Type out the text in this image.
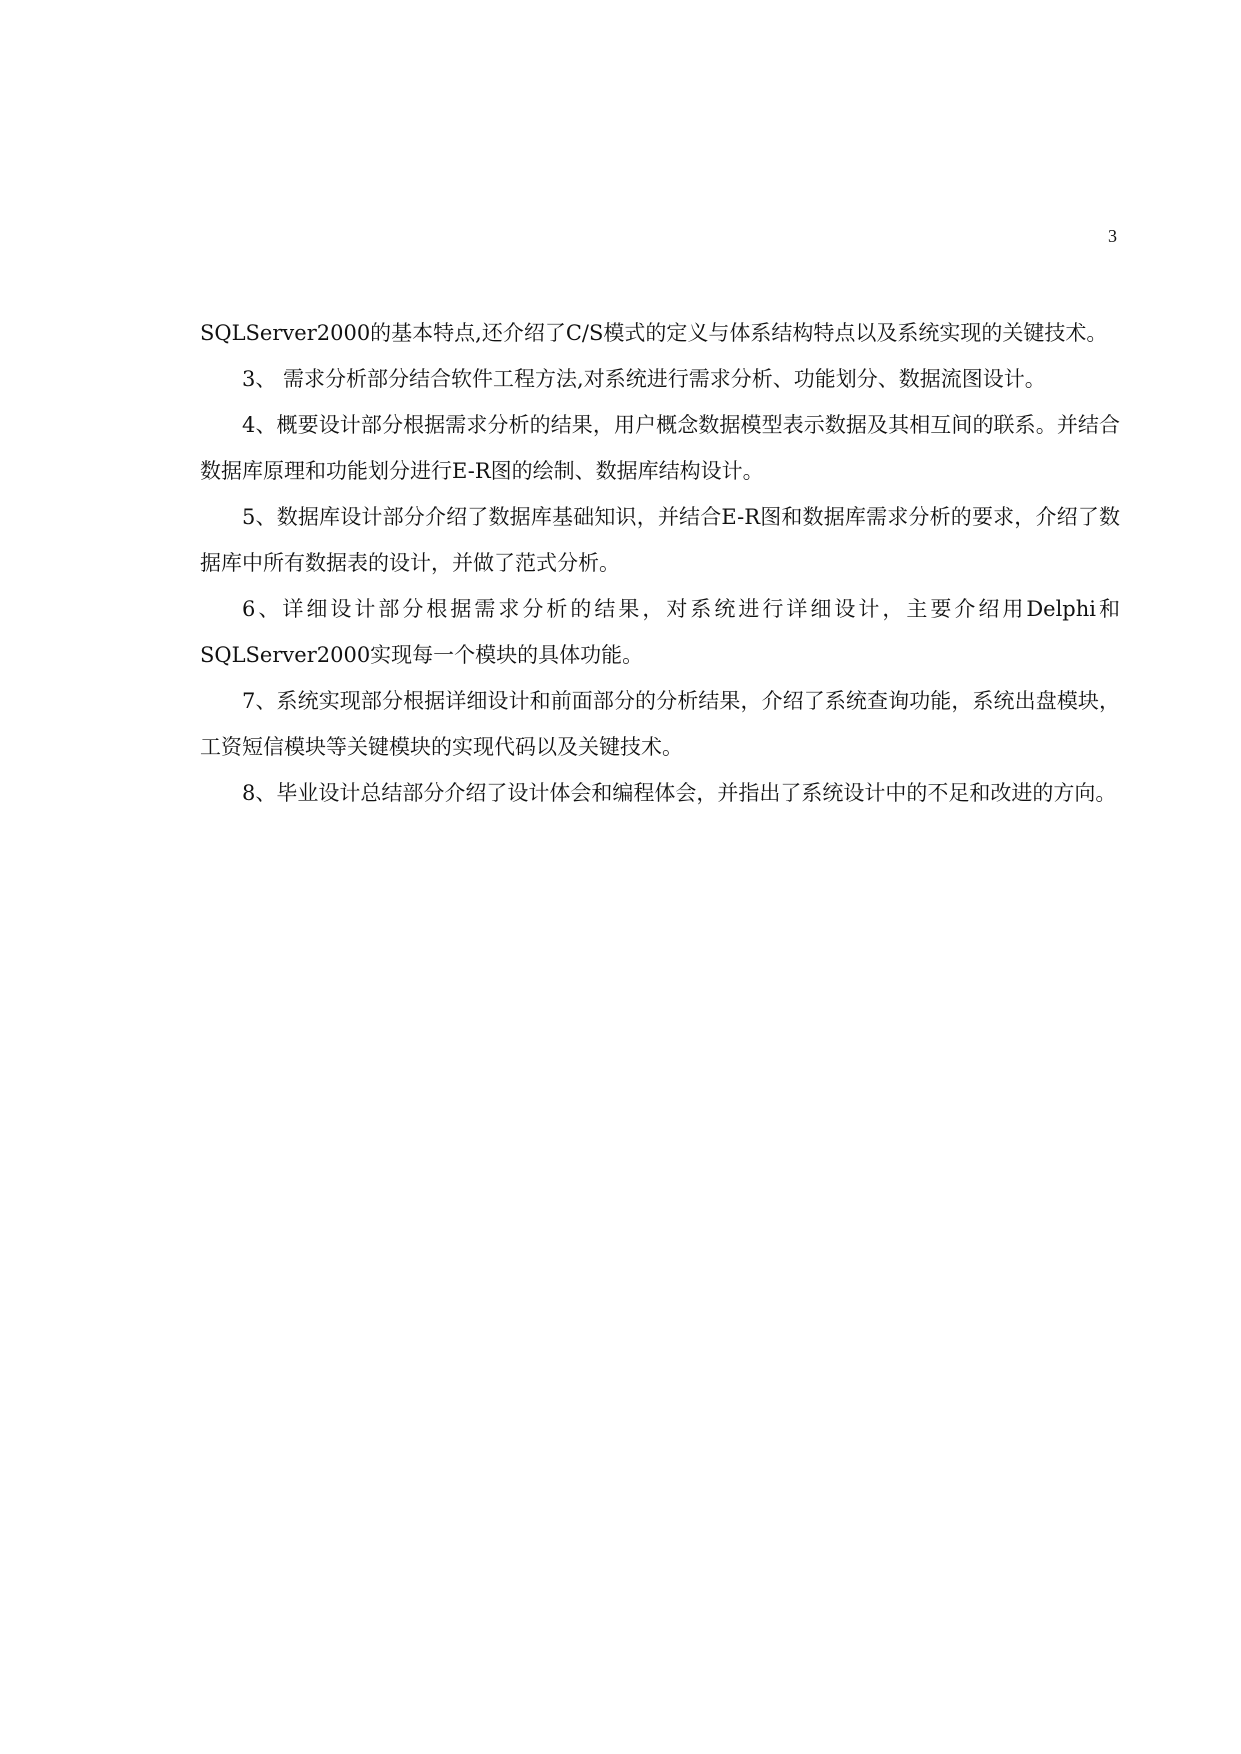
3

SQLServer2000的基本特点,还介绍了C/S模式的定义与体系结构特点以及系统实现的关键技术。

3、 需求分析部分结合软件工程方法,对系统进行需求分析、功能划分、数据流图设计。

4、概要设计部分根据需求分析的结果，用户概念数据模型表示数据及其相互间的联系。并结合数据库原理和功能划分进行E-R图的绘制、数据库结构设计。

5、数据库设计部分介绍了数据库基础知识，并结合E-R图和数据库需求分析的要求，介绍了数据库中所有数据表的设计，并做了范式分析。

6、详细设计部分根据需求分析的结果，对系统进行详细设计，主要介绍用Delphi和SQLServer2000实现每一个模块的具体功能。

7、系统实现部分根据详细设计和前面部分的分析结果，介绍了系统查询功能，系统出盘模块，工资短信模块等关键模块的实现代码以及关键技术。

8、毕业设计总结部分介绍了设计体会和编程体会，并指出了系统设计中的不足和改进的方向。
